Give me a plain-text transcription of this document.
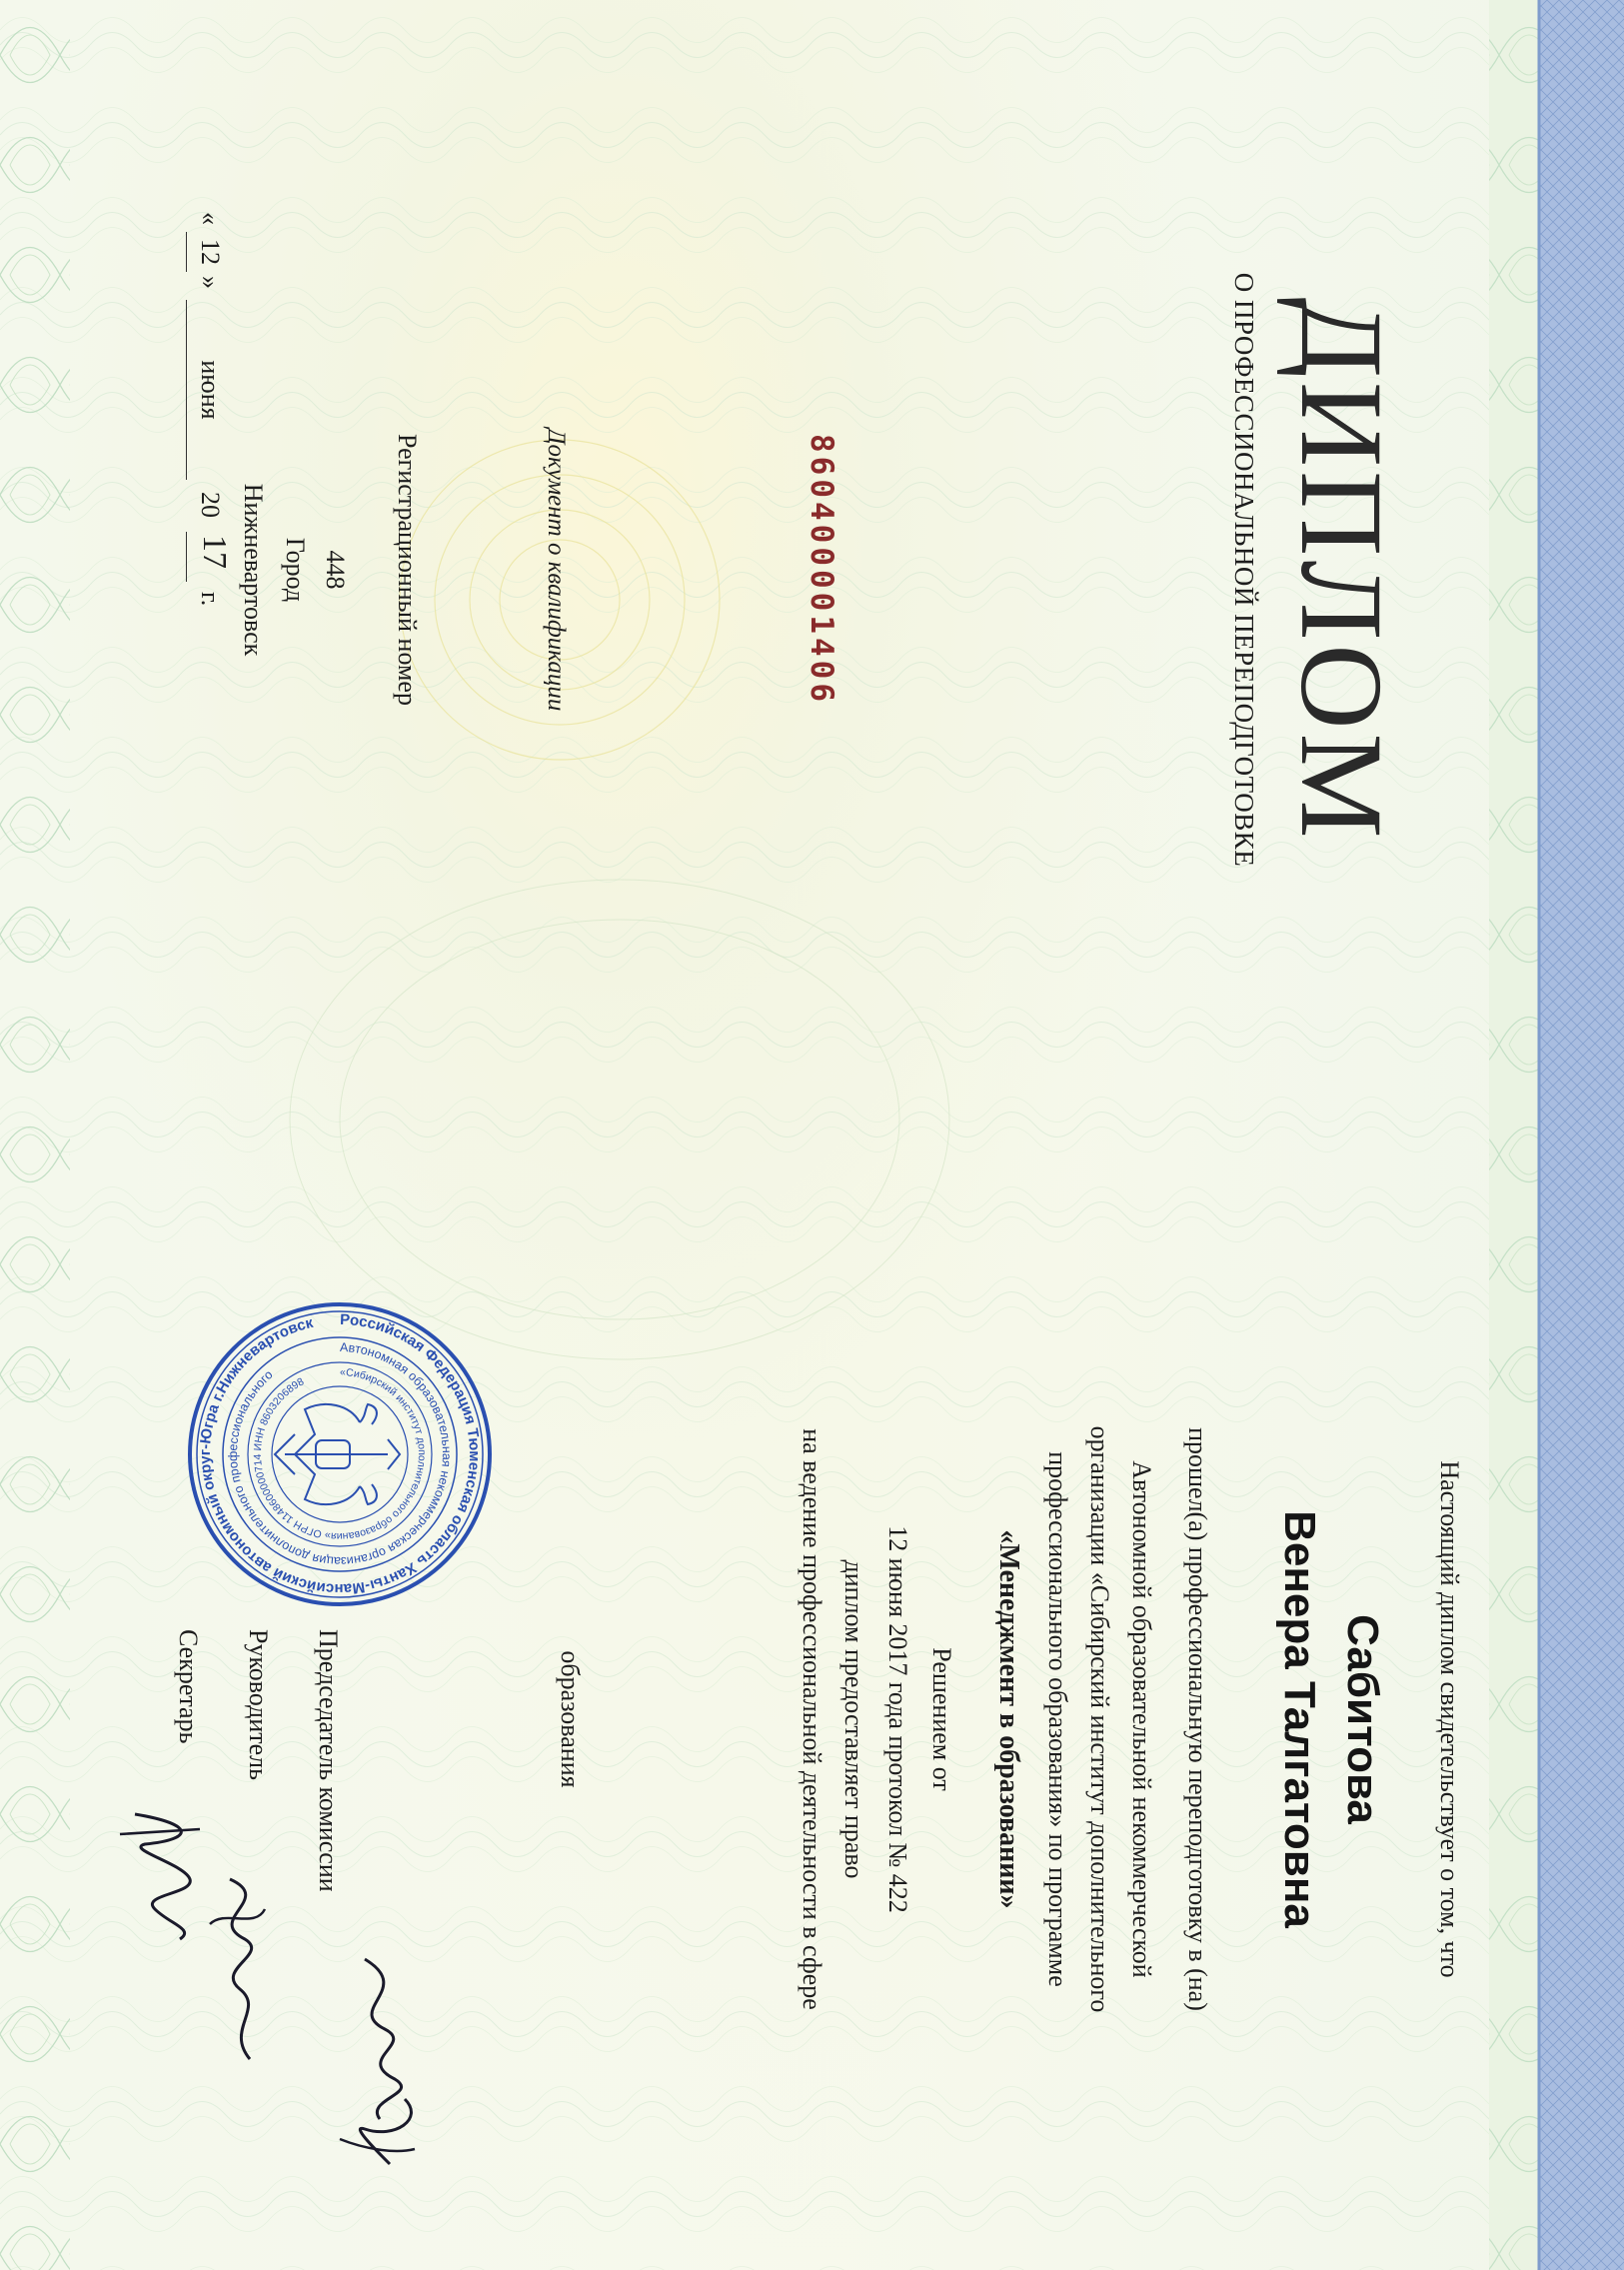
ДИПЛОМ
О ПРОФЕССИОНАЛЬНОЙ ПЕРЕПОДГОТОВКЕ
860400001406
Документ о квалификации
Регистрационный номер
448
Город
Нижневартовск
«
12
»
июня
20
17
г.
Настоящий диплом свидетельствует о том, что
Сабитова
Венера Талгатовна
прошел(а) профессиональную переподготовку в (на)
Автономной образовательной некоммерческой
организации «Сибирский институт дополнительного
профессионального образования» по программе
«Менеджмент в образовании»
Решением от
12 июня 2017 года протокол № 422
диплом предоставляет право
на ведение профессиональной деятельности в сфере
образования
Председатель комиссии
Руководитель
Секретарь
Российская Федерация Тюменская область Ханты-Мансийский автономный округ-Югра г.Нижневартовск
Автономная образовательная некоммерческая организация дополнительного профессионального	«Сибирский институт дополнительного образования» ОГРН 1148600000714 ИНН 8603206898
